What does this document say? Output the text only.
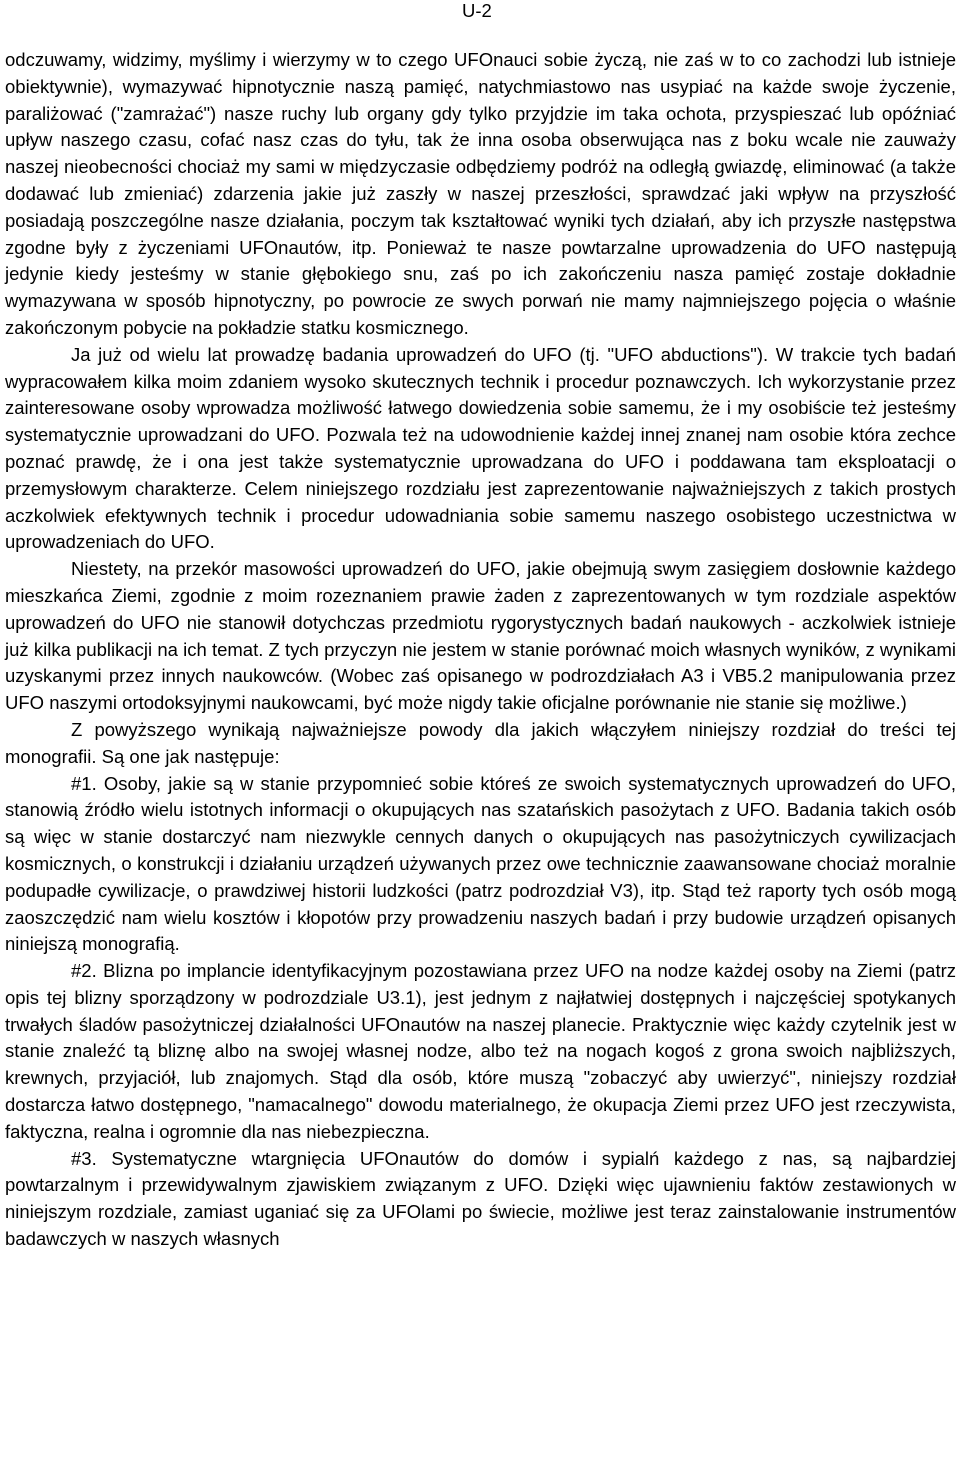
U-2

odczuwamy, widzimy, myślimy i wierzymy w to czego UFOnauci sobie życzą, nie zaś w to co zachodzi lub istnieje obiektywnie), wymazywać hipnotycznie naszą pamięć, natychmiastowo nas usypiać na każde swoje życzenie, paraliżować ("zamrażać") nasze ruchy lub organy gdy tylko przyjdzie im taka ochota, przyspieszać lub opóźniać upływ naszego czasu, cofać nasz czas do tyłu, tak że inna osoba obserwująca nas z boku wcale nie zauważy naszej nieobecności chociaż my sami w międzyczasie odbędziemy podróż na odległą gwiazdę, eliminować (a także dodawać lub zmieniać) zdarzenia jakie już zaszły w naszej przeszłości, sprawdzać jaki wpływ na przyszłość posiadają poszczególne nasze działania, poczym tak kształtować wyniki tych działań, aby ich przyszłe następstwa zgodne były z życzeniami UFOnautów, itp. Ponieważ te nasze powtarzalne uprowadzenia do UFO następują jedynie kiedy jesteśmy w stanie głębokiego snu, zaś po ich zakończeniu nasza pamięć zostaje dokładnie wymazywana w sposób hipnotyczny, po powrocie ze swych porwań nie mamy najmniejszego pojęcia o właśnie zakończonym pobycie na pokładzie statku kosmicznego.

Ja już od wielu lat prowadzę badania uprowadzeń do UFO (tj. "UFO abductions"). W trakcie tych badań wypracowałem kilka moim zdaniem wysoko skutecznych technik i procedur poznawczych. Ich wykorzystanie przez zainteresowane osoby wprowadza możliwość łatwego dowiedzenia sobie samemu, że i my osobiście też jesteśmy systematycznie uprowadzani do UFO. Pozwala też na udowodnienie każdej innej znanej nam osobie która zechce poznać prawdę, że i ona jest także systematycznie uprowadzana do UFO i poddawana tam eksploatacji o przemysłowym charakterze. Celem niniejszego rozdziału jest zaprezentowanie najważniejszych z takich prostych aczkolwiek efektywnych technik i procedur udowadniania sobie samemu naszego osobistego uczestnictwa w uprowadzeniach do UFO.

Niestety, na przekór masowości uprowadzeń do UFO, jakie obejmują swym zasięgiem dosłownie każdego mieszkańca Ziemi, zgodnie z moim rozeznaniem prawie żaden z zaprezentowanych w tym rozdziale aspektów uprowadzeń do UFO nie stanowił dotychczas przedmiotu rygorystycznych badań naukowych - aczkolwiek istnieje już kilka publikacji na ich temat. Z tych przyczyn nie jestem w stanie porównać moich własnych wyników, z wynikami uzyskanymi przez innych naukowców. (Wobec zaś opisanego w podrozdziałach A3 i VB5.2 manipulowania przez UFO naszymi ortodoksyjnymi naukowcami, być może nigdy takie oficjalne porównanie nie stanie się możliwe.)

Z powyższego wynikają najważniejsze powody dla jakich włączyłem niniejszy rozdział do treści tej monografii. Są one jak następuje:

#1. Osoby, jakie są w stanie przypomnieć sobie któreś ze swoich systematycznych uprowadzeń do UFO, stanowią źródło wielu istotnych informacji o okupujących nas szatańskich pasożytach z UFO. Badania takich osób są więc w stanie dostarczyć nam niezwykle cennych danych o okupujących nas pasożytniczych cywilizacjach kosmicznych, o konstrukcji i działaniu urządzeń używanych przez owe technicznie zaawansowane chociaż moralnie podupadłe cywilizacje, o prawdziwej historii ludzkości (patrz podrozdział V3), itp. Stąd też raporty tych osób mogą zaoszczędzić nam wielu kosztów i kłopotów przy prowadzeniu naszych badań i przy budowie urządzeń opisanych niniejszą monografią.

#2. Blizna po implancie identyfikacyjnym pozostawiana przez UFO na nodze każdej osoby na Ziemi (patrz opis tej blizny sporządzony w podrozdziale U3.1), jest jednym z najłatwiej dostępnych i najczęściej spotykanych trwałych śladów pasożytniczej działalności UFOnautów na naszej planecie. Praktycznie więc każdy czytelnik jest w stanie znaleźć tą bliznę albo na swojej własnej nodze, albo też na nogach kogoś z grona swoich najbliższych, krewnych, przyjaciół, lub znajomych. Stąd dla osób, które muszą "zobaczyć aby uwierzyć", niniejszy rozdział dostarcza łatwo dostępnego, "namacalnego" dowodu materialnego, że okupacja Ziemi przez UFO jest rzeczywista, faktyczna, realna i ogromnie dla nas niebezpieczna.

#3. Systematyczne wtargnięcia UFOnautów do domów i sypialń każdego z nas, są najbardziej powtarzalnym i przewidywalnym zjawiskiem związanym z UFO. Dzięki więc ujawnieniu faktów zestawionych w niniejszym rozdziale, zamiast uganiać się za UFOlami po świecie, możliwe jest teraz zainstalowanie instrumentów badawczych w naszych własnych
